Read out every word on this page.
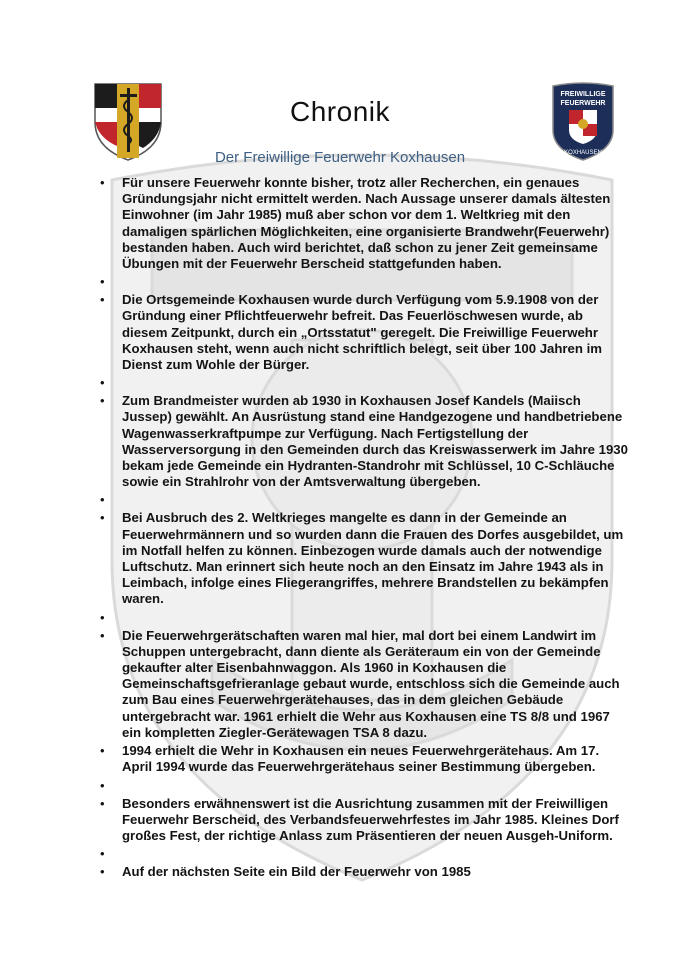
FREIWILLIGE
FEUERWEHR
KOXHAUSEN
Chronik
Der Freiwillige Feuerwehr Koxhausen
• Für unsere Feuerwehr konnte bisher, trotz aller Recherchen, ein genaues Gründungsjahr nicht ermittelt werden. Nach Aussage unserer damals ältesten Einwohner (im Jahr 1985) muß aber schon vor dem 1. Weltkrieg mit den damaligen spärlichen Möglichkeiten, eine organisierte Brandwehr(Feuerwehr) bestanden haben. Auch wird berichtet, daß schon zu jener Zeit gemeinsame Übungen mit der Feuerwehr Berscheid stattgefunden haben.
•
• Die Ortsgemeinde Koxhausen wurde durch Verfügung vom 5.9.1908 von der Gründung einer Pflichtfeuerwehr befreit. Das Feuerlöschwesen wurde, ab diesem Zeitpunkt, durch ein „Ortsstatut" geregelt. Die Freiwillige Feuerwehr Koxhausen steht, wenn auch nicht schriftlich belegt, seit über 100 Jahren im Dienst zum Wohle der Bürger.
•
• Zum Brandmeister wurden ab 1930 in Koxhausen Josef Kandels (Maiisch Jussep) gewählt. An Ausrüstung stand eine Handgezogene und handbetriebene Wagenwasserkraftpumpe zur Verfügung. Nach Fertigstellung der Wasserversorgung in den Gemeinden durch das Kreiswasserwerk im Jahre 1930 bekam jede Gemeinde ein Hydranten-Standrohr mit Schlüssel, 10 C-Schläuche sowie ein Strahlrohr von der Amtsverwaltung übergeben.
•
• Bei Ausbruch des 2. Weltkrieges mangelte es dann in der Gemeinde an Feuerwehrmännern und so wurden dann die Frauen des Dorfes ausgebildet, um im Notfall helfen zu können. Einbezogen wurde damals auch der notwendige Luftschutz. Man erinnert sich heute noch an den Einsatz im Jahre 1943 als in Leimbach, infolge eines Fliegerangriffes, mehrere Brandstellen zu bekämpfen waren.
•
• Die Feuerwehrgerätschaften waren mal hier, mal dort bei einem Landwirt im Schuppen untergebracht, dann diente als Geräteraum ein von der Gemeinde gekaufter alter Eisenbahnwaggon. Als 1960 in Koxhausen die Gemeinschaftsgefrieranlage gebaut wurde, entschloss sich die Gemeinde auch zum Bau eines Feuerwehrgerätehauses, das in dem gleichen Gebäude untergebracht war. 1961 erhielt die Wehr aus Koxhausen eine TS 8/8 und 1967 ein kompletten Ziegler-Gerätewagen TSA 8 dazu.
• 1994 erhielt die Wehr in Koxhausen ein neues Feuerwehrgerätehaus. Am 17. April 1994 wurde das Feuerwehrgerätehaus seiner Bestimmung übergeben.
•
• Besonders erwähnenswert ist die Ausrichtung zusammen mit der Freiwilligen Feuerwehr Berscheid, des Verbandsfeuerwehrfestes im Jahr 1985. Kleines Dorf großes Fest, der richtige Anlass zum Präsentieren der neuen Ausgeh-Uniform.
•
• Auf der nächsten Seite ein Bild der Feuerwehr von 1985
